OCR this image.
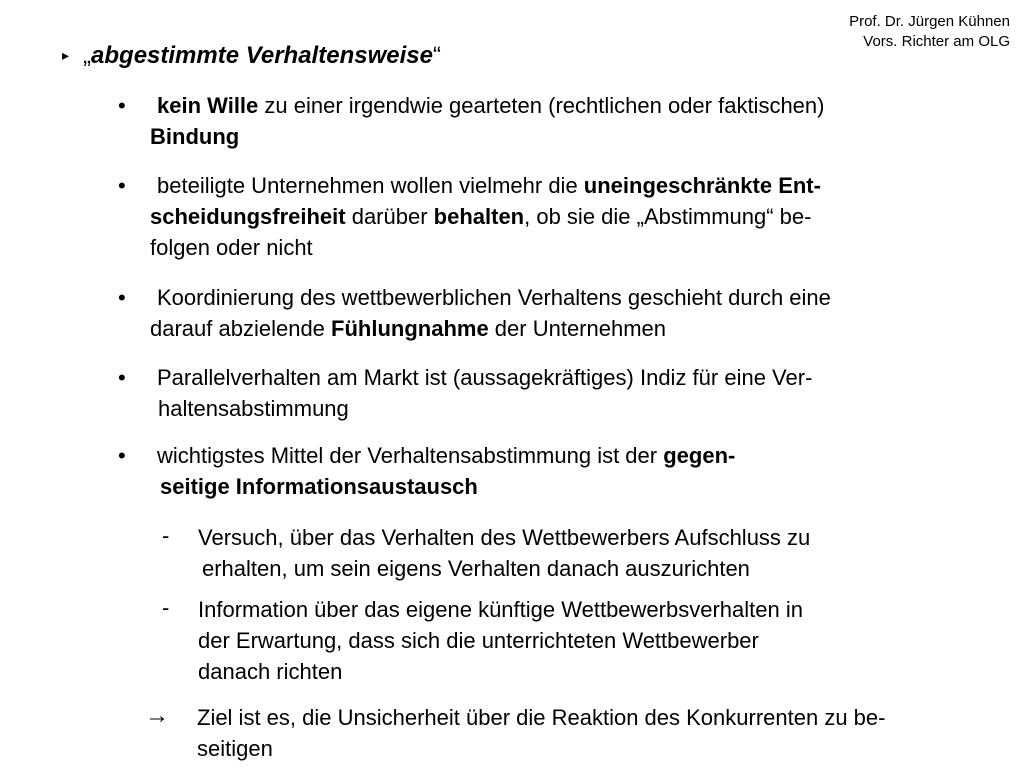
Prof. Dr. Jürgen Kühnen
Vors. Richter am OLG
▸ „abgestimmte Verhaltensweise“
• kein Wille zu einer irgendwie gearteten (rechtlichen oder faktischen)
Bindung
• beteiligte Unternehmen wollen vielmehr die uneingeschränkte Ent-
scheidungsfreiheit darüber behalten, ob sie die „Abstimmung“ be-
folgen oder nicht
• Koordinierung des wettbewerblichen Verhaltens geschieht durch eine
darauf abzielende Fühlungnahme der Unternehmen
• Parallelverhalten am Markt ist (aussagekräftiges) Indiz für eine Ver-
haltensabstimmung
• wichtigstes Mittel der Verhaltensabstimmung ist der gegen-
seitige Informationsaustausch
- Versuch, über das Verhalten des Wettbewerbers Aufschluss zu
erhalten, um sein eigens Verhalten danach auszurichten
- Information über das eigene künftige Wettbewerbsverhalten in
der Erwartung, dass sich die unterrichteten Wettbewerber
danach richten
→ Ziel ist es, die Unsicherheit über die Reaktion des Konkurrenten zu be-
seitigen
